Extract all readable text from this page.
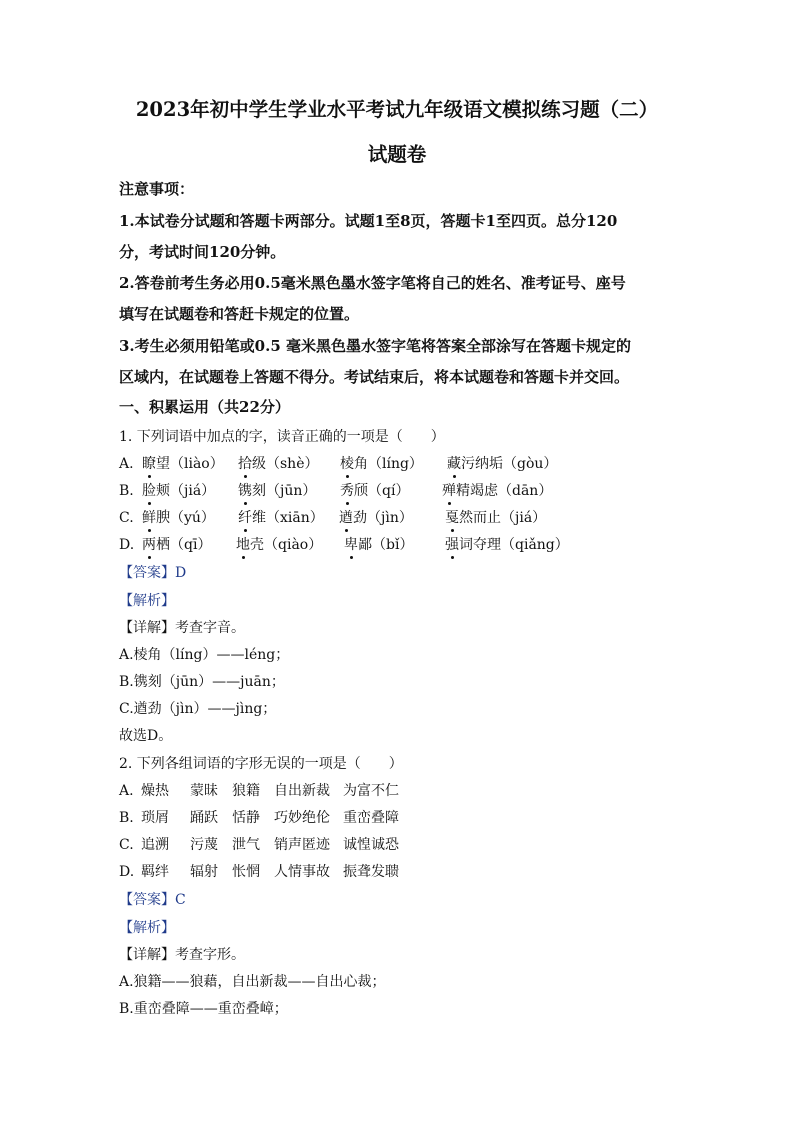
2023年初中学生学业水平考试九年级语文模拟练习题（二）
试题卷
注意事项：
1.本试卷分试题和答题卡两部分。试题1至8页，答题卡1至四页。总分120
分，考试时间120分钟。
2.答卷前考生务必用0.5毫米黑色墨水签字笔将自己的姓名、准考证号、座号
填写在试题卷和答赶卡规定的位置。
3.考生必须用铅笔或0.5 毫米黑色墨水签字笔将答案全部涂写在答题卡规定的
区域内，在试题卷上答题不得分。考试结束后，将本试题卷和答题卡并交回。
一、积累运用（共22分）
1. 下列词语中加点的字，读音正确的一项是（　　）
A. 瞭望（liào） 拾级（shè） 棱角（líng） 藏污纳垢（gòu）
B. 脸颊（jiá） 镌刻（jūn） 秀颀（qí） 殚精竭虑（dān）
C. 鲜腴（yú） 纤维（xiān） 遒劲（jìn） 戛然而止（jiá）
D. 两栖（qī） 地壳（qiào） 卑鄙（bǐ） 强词夺理（qiǎng）
【答案】D
【解析】
【详解】考查字音。
A.棱角（líng）——léng；
B.镌刻（jūn）——juān；
C.遒劲（jìn）——jìng；
故选D。
2. 下列各组词语的字形无误的一项是（　　）
A. 燥热 蒙昧 狼籍 自出新裁 为富不仁
B. 琐屑 踊跃 恬静 巧妙绝伦 重峦叠障
C. 追溯 污蔑 泄气 销声匿迹 诚惶诚恐
D. 羁绊 辐射 怅惘 人情事故 振聋发聩
【答案】C
【解析】
【详解】考查字形。
A.狼籍——狼藉，自出新裁——自出心裁；
B.重峦叠障——重峦叠嶂；
